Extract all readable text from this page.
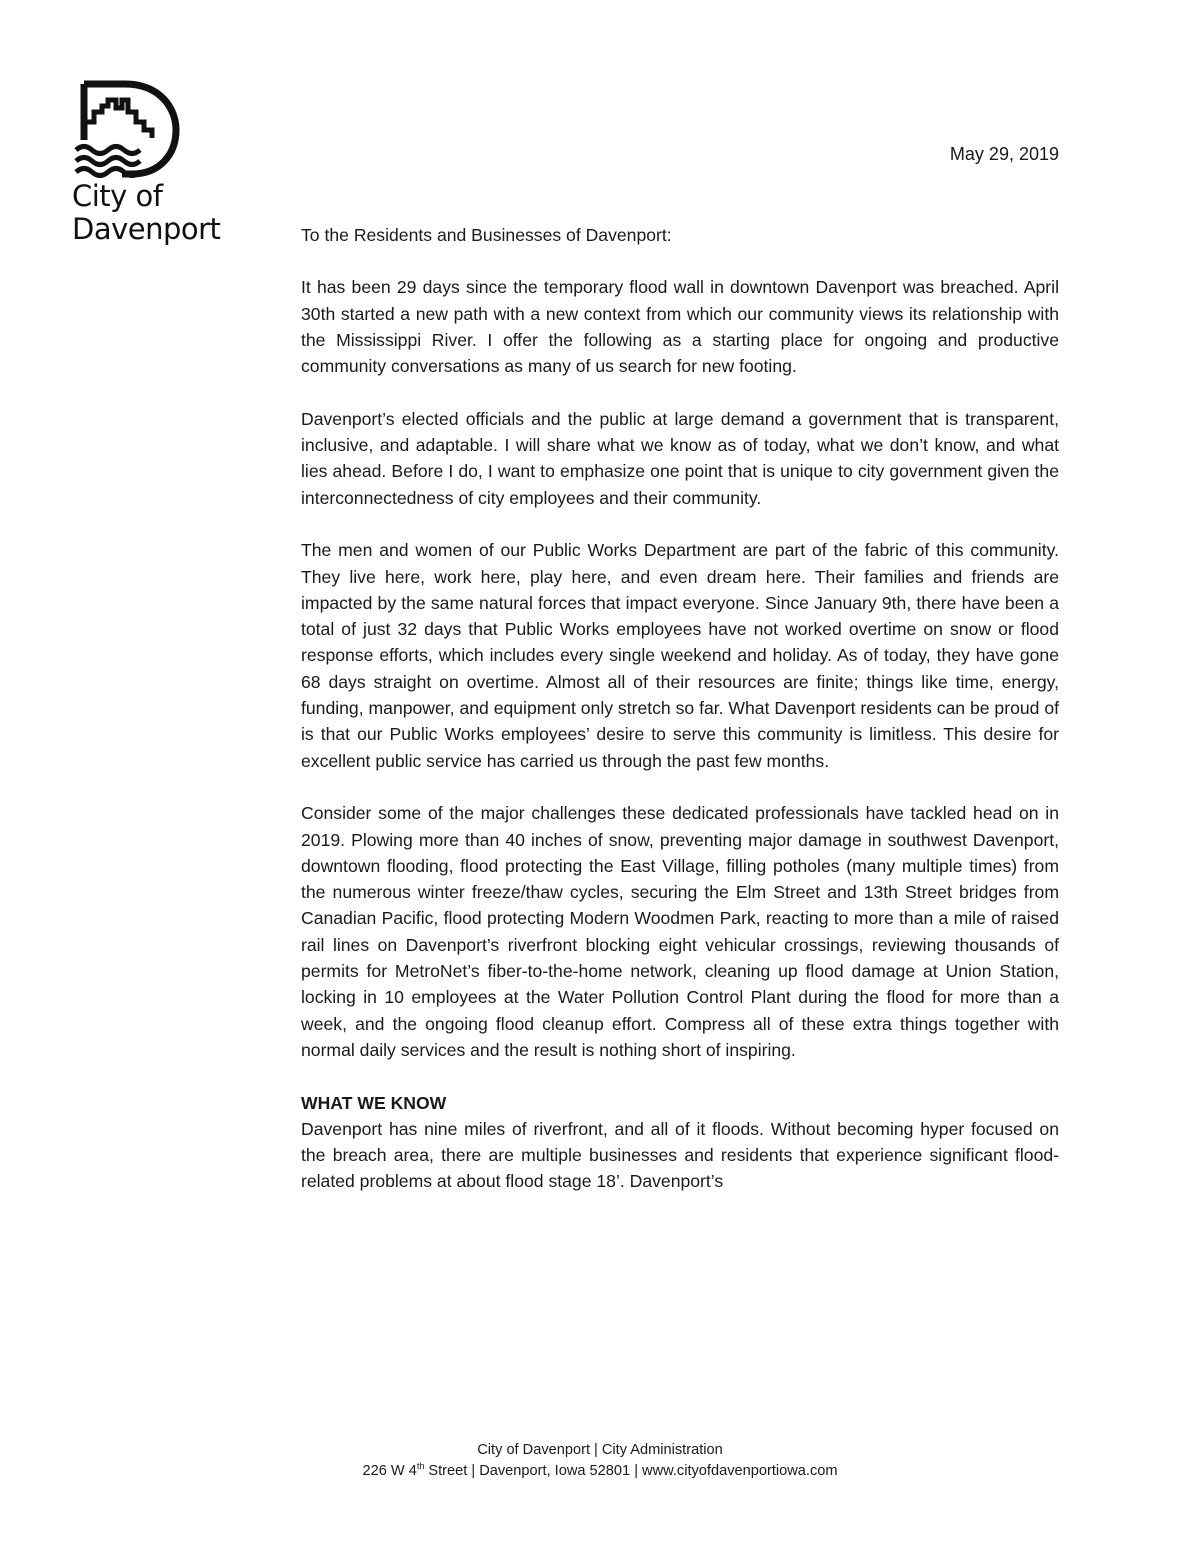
City of
Davenport
May 29, 2019

To the Residents and Businesses of Davenport:

It has been 29 days since the temporary flood wall in downtown Davenport was breached. April 30th started a new path with a new context from which our community views its relationship with the Mississippi River. I offer the following as a starting place for ongoing and productive community conversations as many of us search for new footing.

Davenport’s elected officials and the public at large demand a government that is transparent, inclusive, and adaptable. I will share what we know as of today, what we don’t know, and what lies ahead. Before I do, I want to emphasize one point that is unique to city government given the interconnectedness of city employees and their community.

The men and women of our Public Works Department are part of the fabric of this community. They live here, work here, play here, and even dream here. Their families and friends are impacted by the same natural forces that impact everyone. Since January 9th, there have been a total of just 32 days that Public Works employees have not worked overtime on snow or flood response efforts, which includes every single weekend and holiday. As of today, they have gone 68 days straight on overtime. Almost all of their resources are finite; things like time, energy, funding, manpower, and equipment only stretch so far. What Davenport residents can be proud of is that our Public Works employees’ desire to serve this community is limitless. This desire for excellent public service has carried us through the past few months.

Consider some of the major challenges these dedicated professionals have tackled head on in 2019. Plowing more than 40 inches of snow, preventing major damage in southwest Davenport, downtown flooding, flood protecting the East Village, filling potholes (many multiple times) from the numerous winter freeze/thaw cycles, securing the Elm Street and 13th Street bridges from Canadian Pacific, flood protecting Modern Woodmen Park, reacting to more than a mile of raised rail lines on Davenport’s riverfront blocking eight vehicular crossings, reviewing thousands of permits for MetroNet’s fiber-to-the-home network, cleaning up flood damage at Union Station, locking in 10 employees at the Water Pollution Control Plant during the flood for more than a week, and the ongoing flood cleanup effort. Compress all of these extra things together with normal daily services and the result is nothing short of inspiring.

WHAT WE KNOW

Davenport has nine miles of riverfront, and all of it floods. Without becoming hyper focused on the breach area, there are multiple businesses and residents that experience significant flood-related problems at about flood stage 18’. Davenport’s

City of Davenport | City Administration
226 W 4th Street | Davenport, Iowa 52801 | www.cityofdavenportiowa.com
